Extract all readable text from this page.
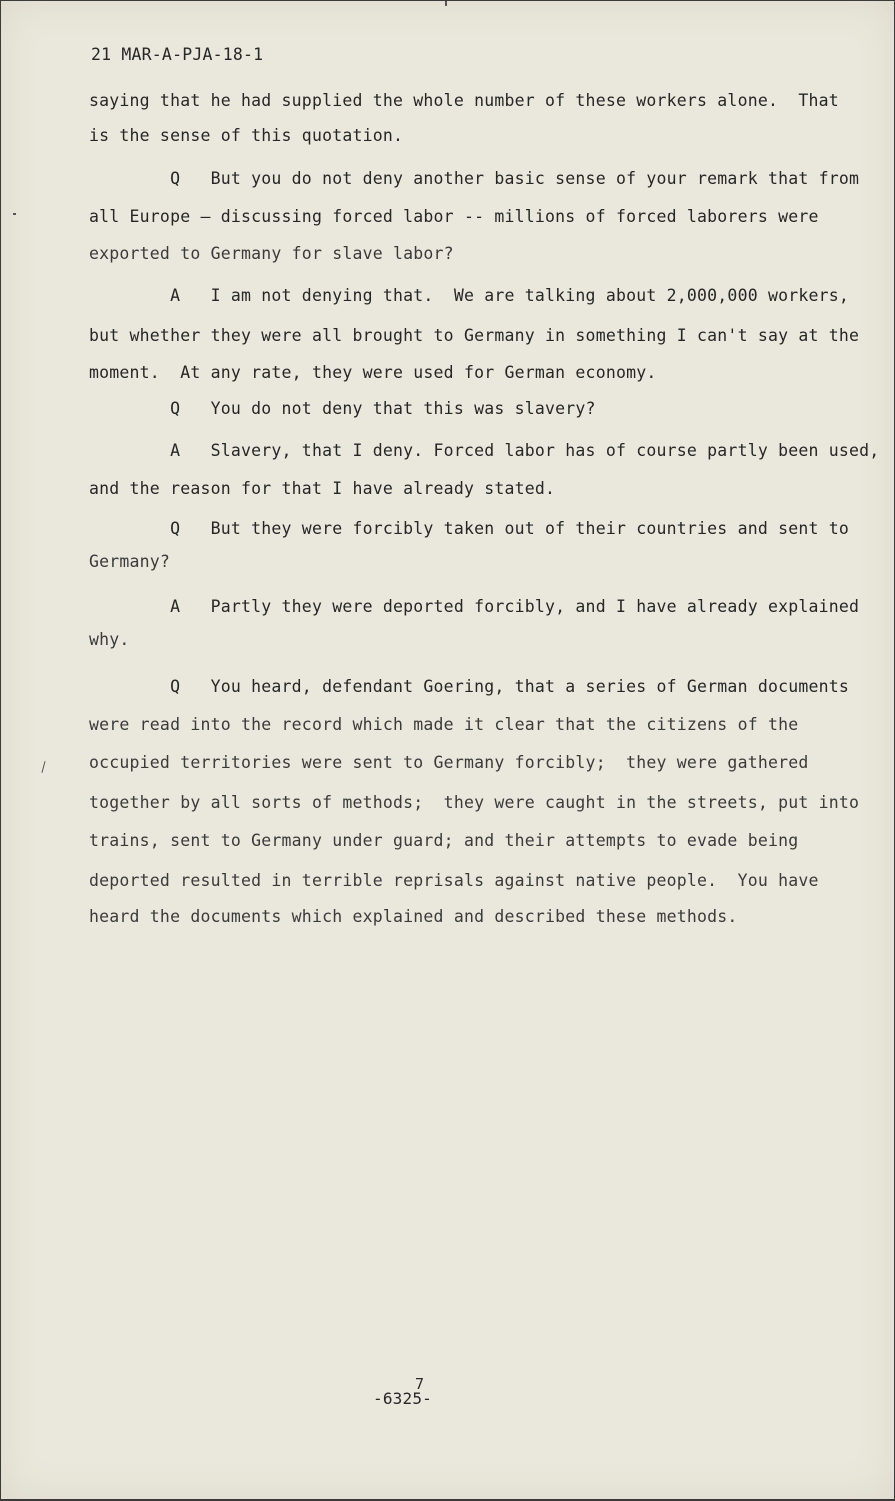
21 MAR-A-PJA-18-1
saying that he had supplied the whole number of these workers alone.  That
is the sense of this quotation.
Q   But you do not deny another basic sense of your remark that from
all Europe — discussing forced labor -- millions of forced laborers were
exported to Germany for slave labor?
A   I am not denying that.  We are talking about 2,000,000 workers,
but whether they were all brought to Germany in something I can't say at the
moment.  At any rate, they were used for German economy.
Q   You do not deny that this was slavery?
A   Slavery, that I deny. Forced labor has of course partly been used,
and the reason for that I have already stated.
Q   But they were forcibly taken out of their countries and sent to
Germany?
A   Partly they were deported forcibly, and I have already explained
why.
Q   You heard, defendant Goering, that a series of German documents
were read into the record which made it clear that the citizens of the
occupied territories were sent to Germany forcibly;  they were gathered
together by all sorts of methods;  they were caught in the streets, put into
trains, sent to Germany under guard; and their attempts to evade being
deported resulted in terrible reprisals against native people.  You have
heard the documents which explained and described these methods.
-6325-
7
